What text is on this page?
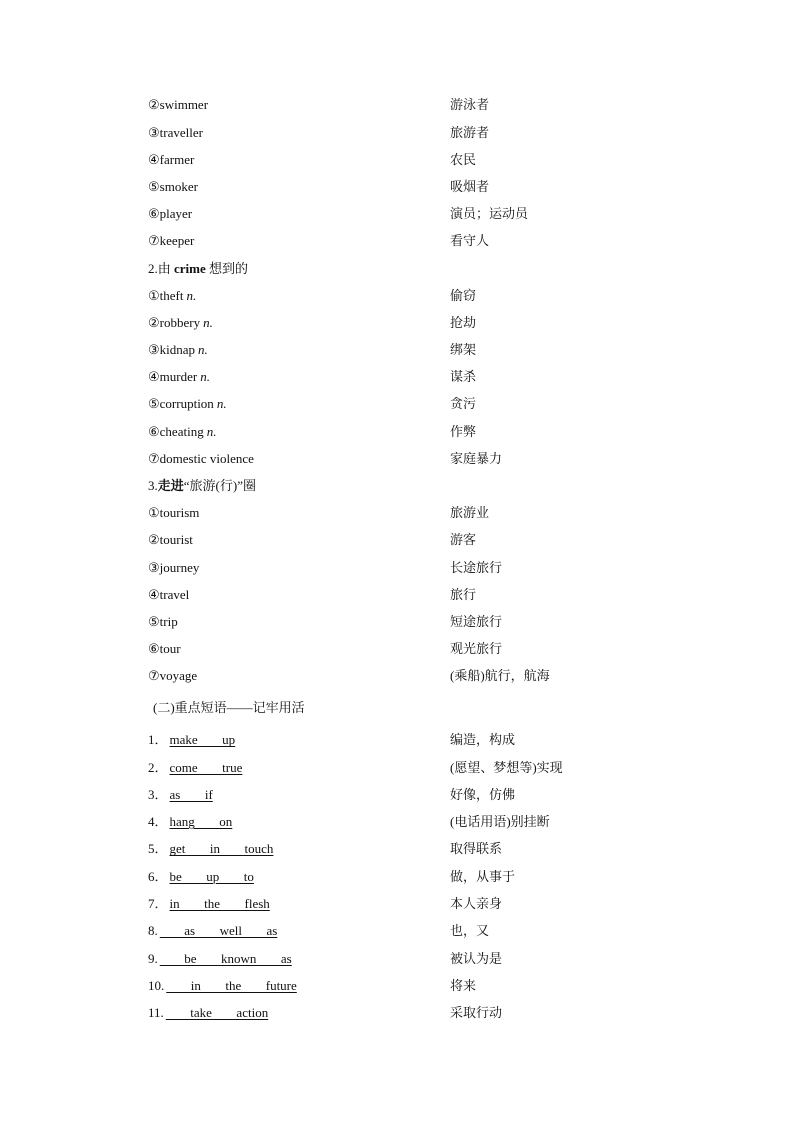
②swimmer	游泳者
③traveller	旅游者
④farmer	农民
⑤smoker	吸烟者
⑥player	演员；运动员
⑦keeper	看守人
2.由 crime 想到的
①theft n.	偷窃
②robbery n.	抢劫
③kidnap n.	绑架
④murder n.	谋杀
⑤corruption n.	贪污
⑥cheating n.	作弊
⑦domestic violence	家庭暴力
3.走进“旅游(行)”圈
①tourism	旅游业
②tourist	游客
③journey	长途旅行
④travel	旅行
⑤trip	短途旅行
⑥tour	观光旅行
⑦voyage	(乘船)航行，航海
(二)重点短语——记牢用活
1． make  up	编造，构成
2． come  true	(愿望、梦想等)实现
3． as  if	好像，仿佛
4． hang  on	(电话用语)别挂断
5． get  in  touch	取得联系
6． be  up  to	做，从事于
7． in  the  flesh	本人亲身
8.  as  well  as	也，又
9.  be  known  as	被认为是
10.  in  the  future	将来
11.  take  action	采取行动
